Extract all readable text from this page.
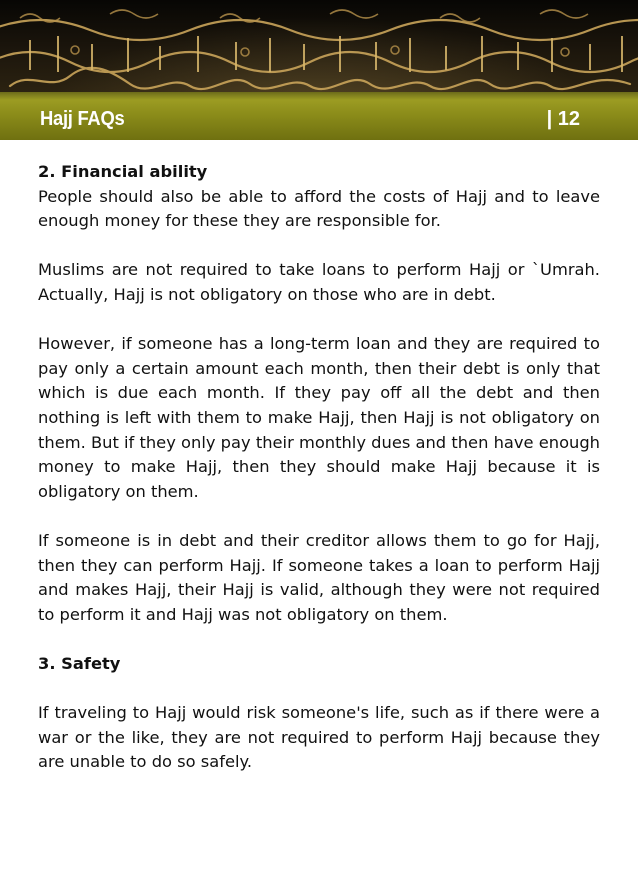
Hajj FAQs	| 12
2. Financial ability

People should also be able to afford the costs of Hajj and to leave enough money for these they are responsible for.

Muslims are not required to take loans to perform Hajj or `Umrah. Actually, Hajj is not obligatory on those who are in debt.

However, if someone has a long-term loan and they are required to pay only a certain amount each month, then their debt is only that which is due each month. If they pay off all the debt and then nothing is left with them to make Hajj, then Hajj is not obligatory on them. But if they only pay their monthly dues and then have enough money to make Hajj, then they should make Hajj because it is obligatory on them.

If someone is in debt and their creditor allows them to go for Hajj, then they can perform Hajj. If someone takes a loan to perform Hajj and makes Hajj, their Hajj is valid, although they were not required to perform it and Hajj was not obligatory on them.

3. Safety

If traveling to Hajj would risk someone's life, such as if there were a war or the like, they are not required to perform Hajj because they are unable to do so safely.
